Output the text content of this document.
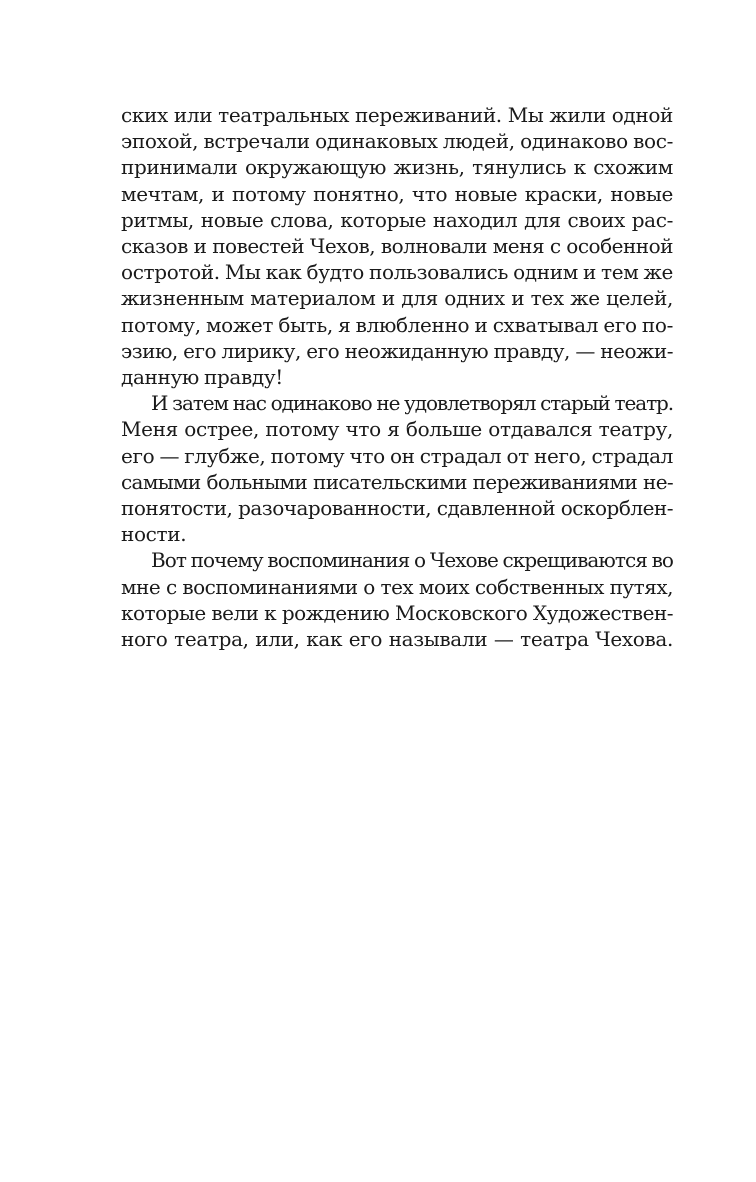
ских или театральных переживаний. Мы жили одной
эпохой, встречали одинаковых людей, одинаково вос-
принимали окружающую жизнь, тянулись к схожим
мечтам, и потому понятно, что новые краски, новые
ритмы, новые слова, которые находил для своих рас-
сказов и повестей Чехов, волновали меня с особенной
остротой. Мы как будто пользовались одним и тем же
жизненным материалом и для одних и тех же целей,
потому, может быть, я влюбленно и схватывал его по-
эзию, его лирику, его неожиданную правду, — неожи-
данную правду!

И затем нас одинаково не удовлетворял старый театр.
Меня острее, потому что я больше отдавался театру,
его — глубже, потому что он страдал от него, страдал
самыми больными писательскими переживаниями не-
понятости, разочарованности, сдавленной оскорблен-
ности.

Вот почему воспоминания о Чехове скрещиваются во
мне с воспоминаниями о тех моих собственных путях,
которые вели к рождению Московского Художествен-
ного театра, или, как его называли — театра Чехова.
